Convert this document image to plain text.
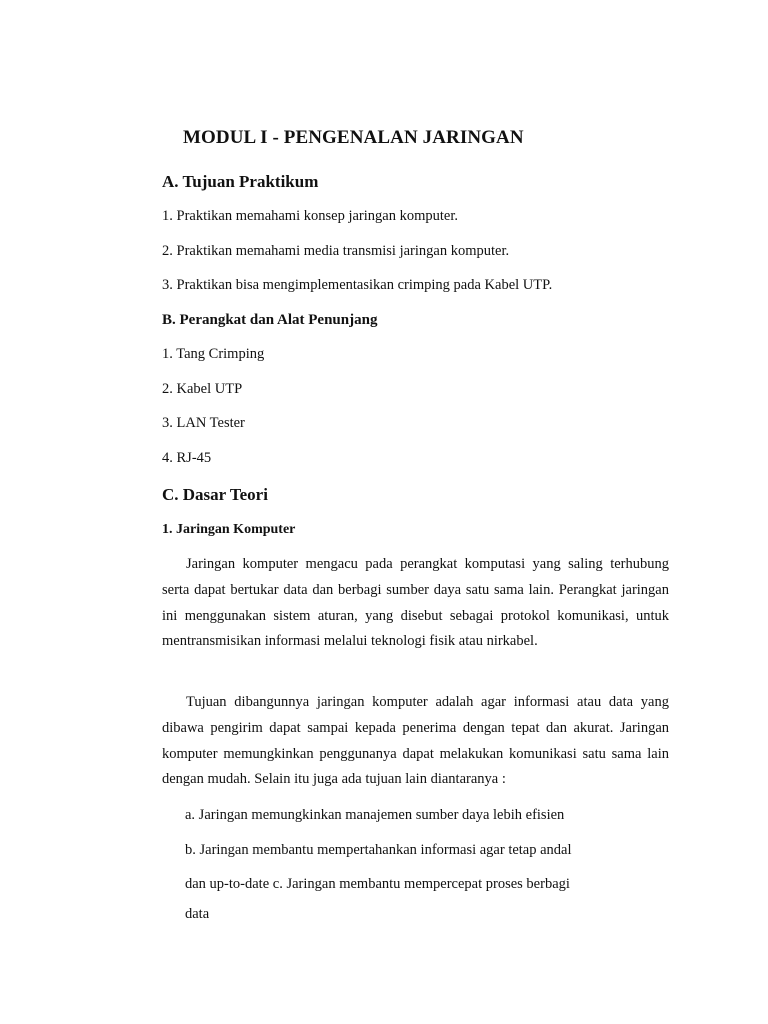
MODUL I - PENGENALAN JARINGAN
A. Tujuan Praktikum
1. Praktikan memahami konsep jaringan komputer.
2. Praktikan memahami media transmisi jaringan komputer.
3. Praktikan bisa mengimplementasikan crimping pada Kabel UTP.
B. Perangkat dan Alat Penunjang
1. Tang Crimping
2. Kabel UTP
3. LAN Tester
4. RJ-45
C. Dasar Teori
1. Jaringan Komputer
Jaringan komputer mengacu pada perangkat komputasi yang saling terhubung serta dapat bertukar data dan berbagi sumber daya satu sama lain. Perangkat jaringan ini menggunakan sistem aturan, yang disebut sebagai protokol komunikasi, untuk mentransmisikan informasi melalui teknologi fisik atau nirkabel.
Tujuan dibangunnya jaringan komputer adalah agar informasi atau data yang dibawa pengirim dapat sampai kepada penerima dengan tepat dan akurat. Jaringan komputer memungkinkan penggunanya dapat melakukan komunikasi satu sama lain dengan mudah. Selain itu juga ada tujuan lain diantaranya :
a. Jaringan memungkinkan manajemen sumber daya lebih efisien
b. Jaringan membantu mempertahankan informasi agar tetap andal
dan up-to-date c. Jaringan membantu mempercepat proses berbagi
data
